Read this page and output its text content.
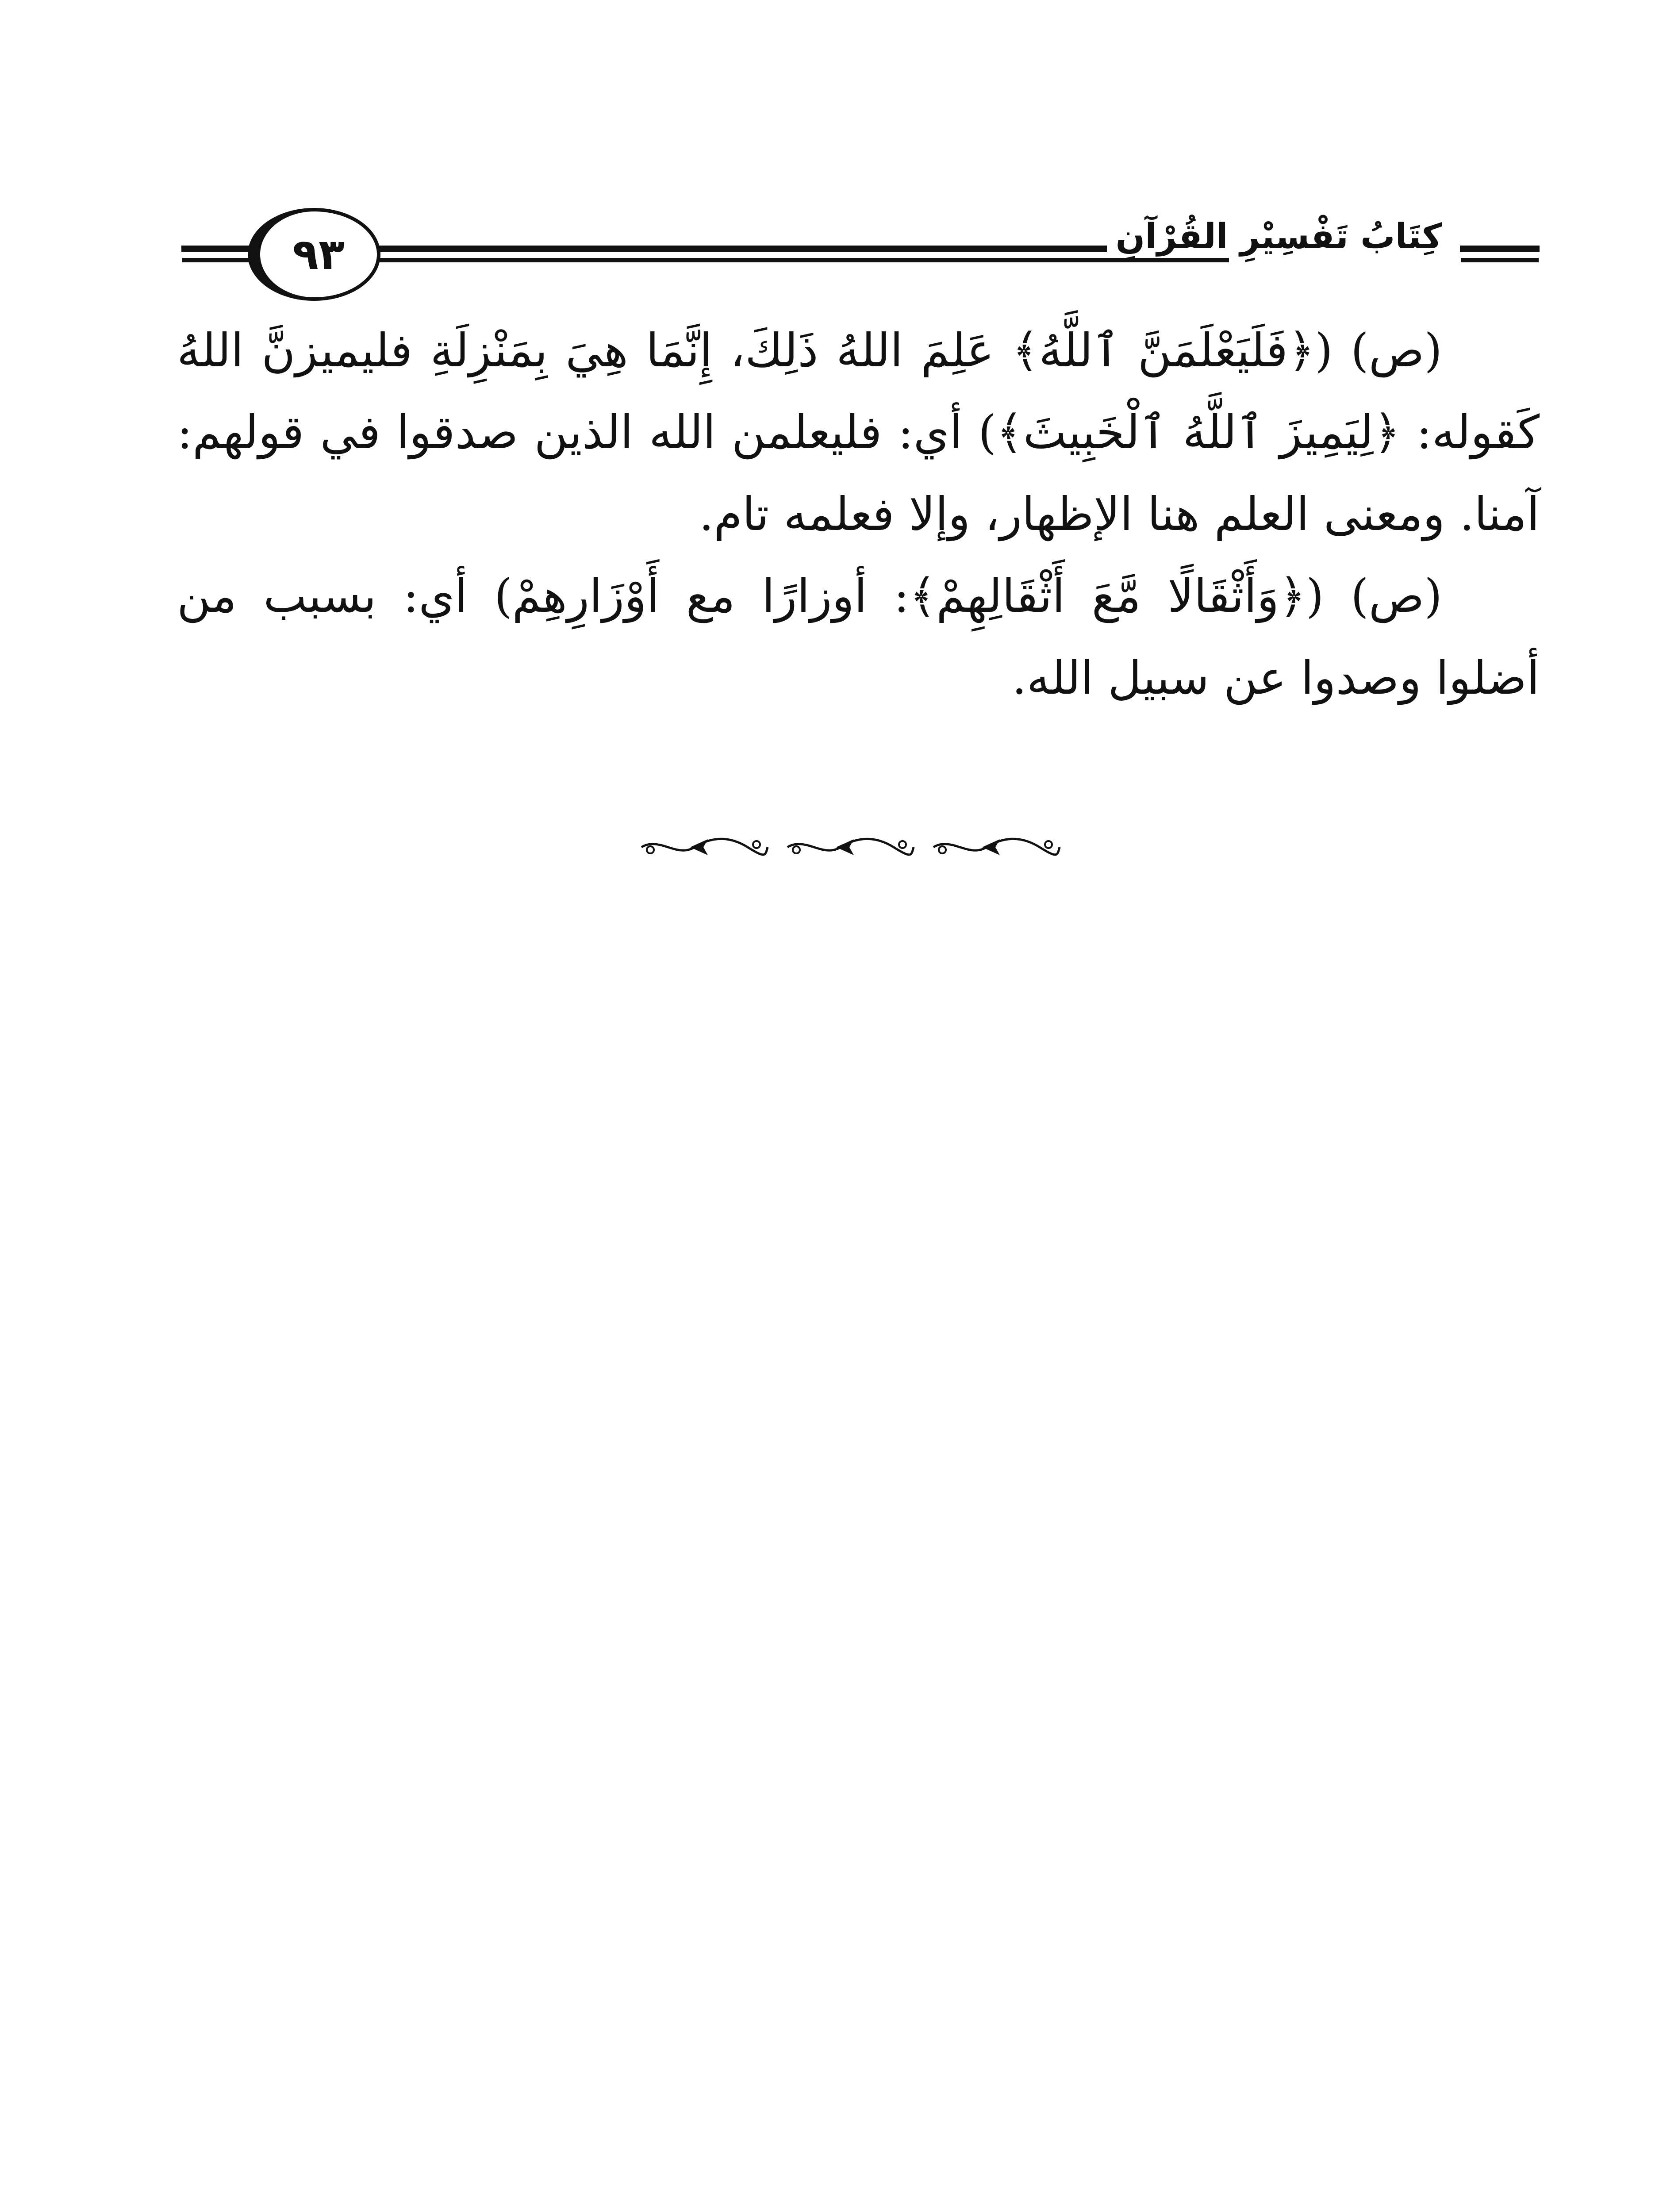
٩٣	كِتَابُ تَفْسِيْرِ القُرْآنِ

(ص) (﴿فَلَيَعْلَمَنَّ ٱللَّهُ﴾ عَلِمَ اللهُ ذَلِكَ، إِنَّمَا هِيَ بِمَنْزِلَةِ فليميزنَّ اللهُ كَقوله: ﴿لِيَمِيزَ ٱللَّهُ ٱلْخَبِيثَ﴾) أي: فليعلمن الله الذين صدقوا في قولهم: آمنا. ومعنى العلم هنا الإظهار، وإلا فعلمه تام.

(ص) (﴿وَأَثْقَالًا مَّعَ أَثْقَالِهِمْ﴾: أوزارًا مع أَوْزَارِهِمْ) أي: بسبب من أضلوا وصدوا عن سبيل الله.
